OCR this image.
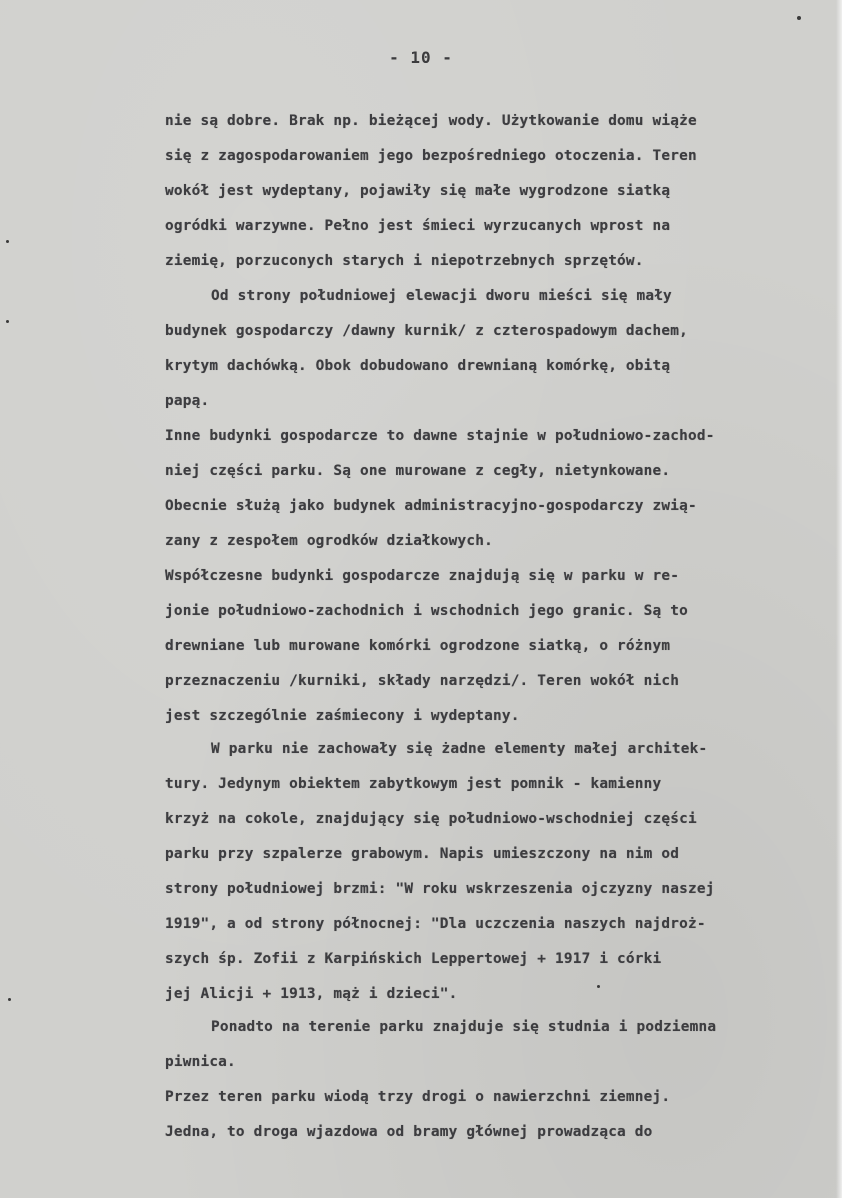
- 10 -

nie są dobre. Brak np. bieżącej wody. Użytkowanie domu wiąże

się z zagospodarowaniem jego bezpośredniego otoczenia. Teren

wokół jest wydeptany, pojawiły się małe wygrodzone siatką

ogródki warzywne. Pełno jest śmieci wyrzucanych wprost na

ziemię, porzuconych starych i niepotrzebnych sprzętów.

Od strony południowej elewacji dworu mieści się mały

budynek gospodarczy /dawny kurnik/ z czterospadowym dachem,

krytym dachówką. Obok dobudowano drewnianą komórkę, obitą

papą.

Inne budynki gospodarcze to dawne stajnie w południowo-zachod-

niej części parku. Są one murowane z cegły, nietynkowane.

Obecnie służą jako budynek administracyjno-gospodarczy zwią-

zany z zespołem ogrodków działkowych.

Współczesne budynki gospodarcze znajdują się w parku w re-

jonie południowo-zachodnich i wschodnich jego granic. Są to

drewniane lub murowane komórki ogrodzone siatką, o różnym

przeznaczeniu /kurniki, składy narzędzi/. Teren wokół nich

jest szczególnie zaśmiecony i wydeptany.

W parku nie zachowały się żadne elementy małej architek-

tury. Jedynym obiektem zabytkowym jest pomnik - kamienny

krzyż na cokole, znajdujący się południowo-wschodniej części

parku przy szpalerze grabowym. Napis umieszczony na nim od

strony południowej brzmi: "W roku wskrzeszenia ojczyzny naszej

1919", a od strony północnej: "Dla uczczenia naszych najdroż-

szych śp. Zofii z Karpińskich Leppertowej + 1917 i córki

jej Alicji + 1913, mąż i dzieci".

Ponadto na terenie parku znajduje się studnia i podziemna

piwnica.

Przez teren parku wiodą trzy drogi o nawierzchni ziemnej.

Jedna, to droga wjazdowa od bramy głównej prowadząca do
